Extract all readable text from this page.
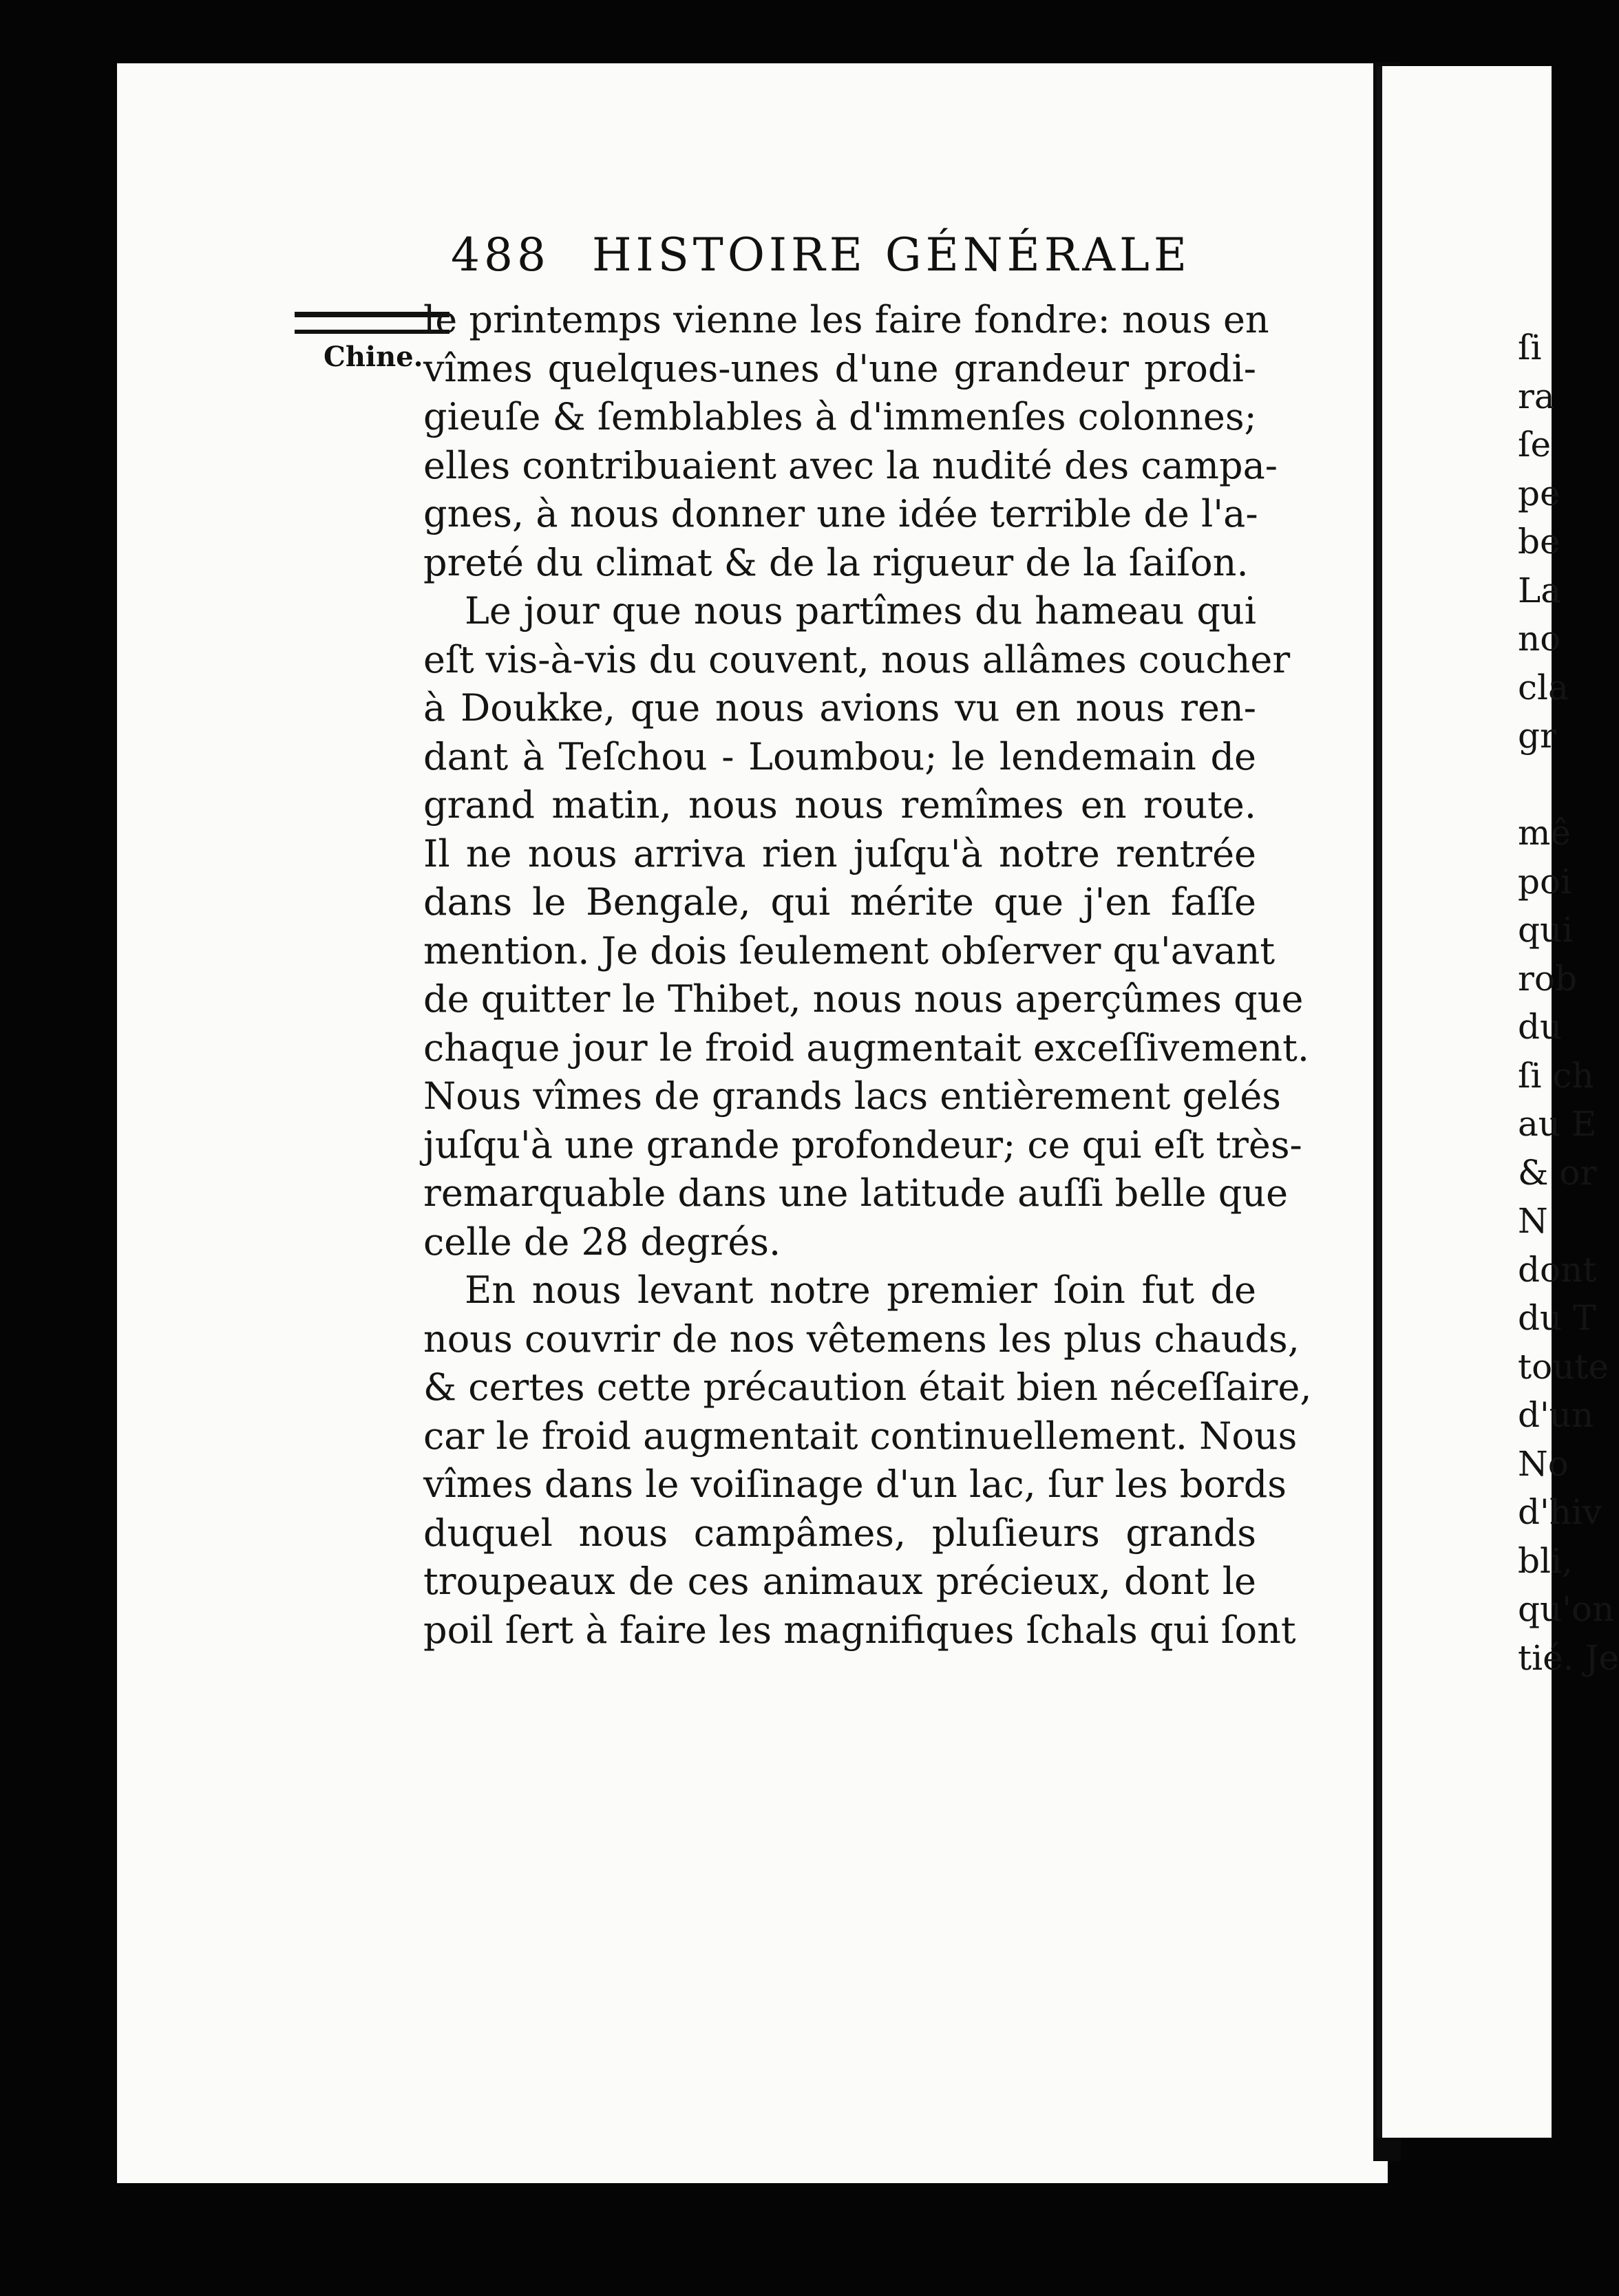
488 HISTOIRE GÉNÉRALE
Chine.
le printemps vienne les faire fondre: nous en
vîmes quelques-unes d'une grandeur prodi-
gieuſe & ſemblables à d'immenſes colonnes;
elles contribuaient avec la nudité des campa-
gnes, à nous donner une idée terrible de l'a-
preté du climat & de la rigueur de la ſaiſon.
Le jour que nous partîmes du hameau qui
eſt vis-à-vis du couvent, nous allâmes coucher
à Doukke, que nous avions vu en nous ren-
dant à Teſchou - Loumbou; le lendemain de
grand matin, nous nous remîmes en route.
Il ne nous arriva rien juſqu'à notre rentrée
dans le Bengale, qui mérite que j'en faſſe
mention. Je dois ſeulement obſerver qu'avant
de quitter le Thibet, nous nous aperçûmes que
chaque jour le froid augmentait exceſſivement.
Nous vîmes de grands lacs entièrement gelés
juſqu'à une grande profondeur; ce qui eſt très-
remarquable dans une latitude auſſi belle que
celle de 28 degrés.
En nous levant notre premier ſoin fut de
nous couvrir de nos vêtemens les plus chauds,
& certes cette précaution était bien néceſſaire,
car le froid augmentait continuellement. Nous
vîmes dans le voiſinage d'un lac, ſur les bords
duquel nous campâmes, pluſieurs grands
troupeaux de ces animaux précieux, dont le
poil ſert à faire les magnifiques ſchals qui ſont
ſi
ra
ſe
pe
be
La
no
cla
gr
mê
poi
qui
rob
du
ſi ch
au E
& or
N
dont
du T
toute
d'un
No
d'hiv
bli,
qu'on
tié. Je
